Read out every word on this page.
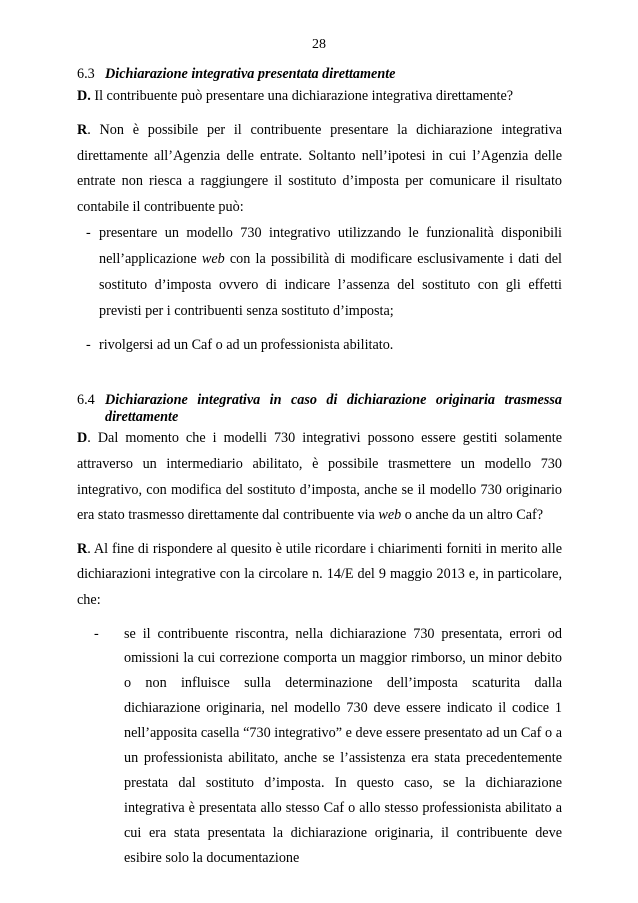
28
6.3 Dichiarazione integrativa presentata direttamente

D. Il contribuente può presentare una dichiarazione integrativa direttamente?

R. Non è possibile per il contribuente presentare la dichiarazione integrativa direttamente all’Agenzia delle entrate. Soltanto nell’ipotesi in cui l’Agenzia delle entrate non riesca a raggiungere il sostituto d’imposta per comunicare il risultato contabile il contribuente può:

- presentare un modello 730 integrativo utilizzando le funzionalità disponibili nell’applicazione web con la possibilità di modificare esclusivamente i dati del sostituto d’imposta ovvero di indicare l’assenza del sostituto con gli effetti previsti per i contribuenti senza sostituto d’imposta;
- rivolgersi ad un Caf o ad un professionista abilitato.
6.4 Dichiarazione integrativa in caso di dichiarazione originaria trasmessa direttamente

D. Dal momento che i modelli 730 integrativi possono essere gestiti solamente attraverso un intermediario abilitato, è possibile trasmettere un modello 730 integrativo, con modifica del sostituto d’imposta, anche se il modello 730 originario era stato trasmesso direttamente dal contribuente via web o anche da un altro Caf?

R. Al fine di rispondere al quesito è utile ricordare i chiarimenti forniti in merito alle dichiarazioni integrative con la circolare n. 14/E del 9 maggio 2013 e, in particolare, che:

- se il contribuente riscontra, nella dichiarazione 730 presentata, errori od omissioni la cui correzione comporta un maggior rimborso, un minor debito o non influisce sulla determinazione dell’imposta scaturita dalla dichiarazione originaria, nel modello 730 deve essere indicato il codice 1 nell’apposita casella “730 integrativo” e deve essere presentato ad un Caf o a un professionista abilitato, anche se l’assistenza era stata precedentemente prestata dal sostituto d’imposta. In questo caso, se la dichiarazione integrativa è presentata allo stesso Caf o allo stesso professionista abilitato a cui era stata presentata la dichiarazione originaria, il contribuente deve esibire solo la documentazione
